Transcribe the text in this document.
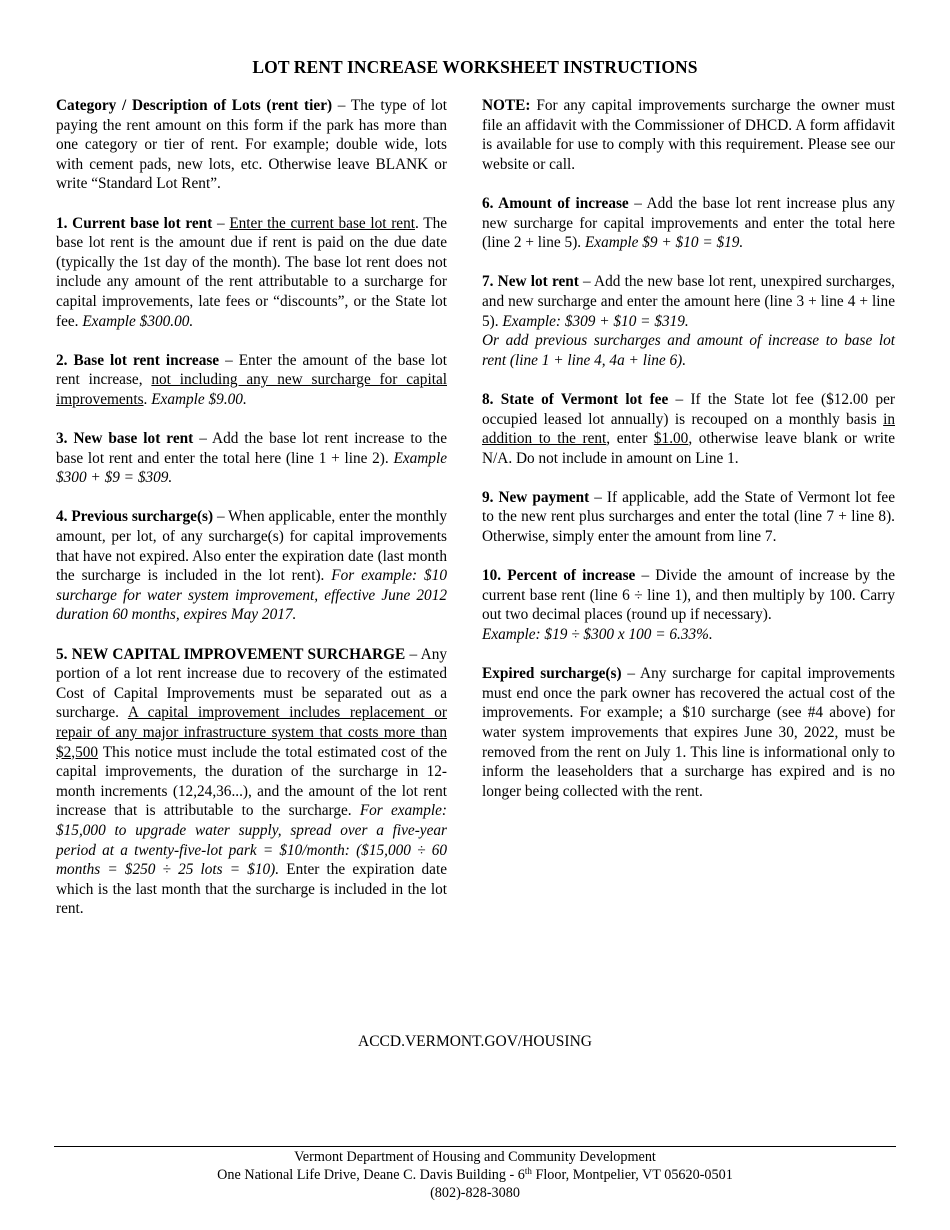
LOT RENT INCREASE WORKSHEET INSTRUCTIONS

Category / Description of Lots (rent tier) – The type of lot paying the rent amount on this form if the park has more than one category or tier of rent. For example; double wide, lots with cement pads, new lots, etc. Otherwise leave BLANK or write “Standard Lot Rent”.

1. Current base lot rent – Enter the current base lot rent. The base lot rent is the amount due if rent is paid on the due date (typically the 1st day of the month). The base lot rent does not include any amount of the rent attributable to a surcharge for capital improvements, late fees or “discounts”, or the State lot fee. Example $300.00.

2. Base lot rent increase – Enter the amount of the base lot rent increase, not including any new surcharge for capital improvements. Example $9.00.

3. New base lot rent – Add the base lot rent increase to the base lot rent and enter the total here (line 1 + line 2). Example $300 + $9 = $309.

4. Previous surcharge(s) – When applicable, enter the monthly amount, per lot, of any surcharge(s) for capital improvements that have not expired. Also enter the expiration date (last month the surcharge is included in the lot rent). For example: $10 surcharge for water system improvement, effective June 2012 duration 60 months, expires May 2017.

5. NEW CAPITAL IMPROVEMENT SURCHARGE – Any portion of a lot rent increase due to recovery of the estimated Cost of Capital Improvements must be separated out as a surcharge. A capital improvement includes replacement or repair of any major infrastructure system that costs more than $2,500 This notice must include the total estimated cost of the capital improvements, the duration of the surcharge in 12-month increments (12,24,36...), and the amount of the lot rent increase that is attributable to the surcharge. For example: $15,000 to upgrade water supply, spread over a five-year period at a twenty-five-lot park = $10/month: ($15,000 ÷ 60 months = $250 ÷ 25 lots = $10). Enter the expiration date which is the last month that the surcharge is included in the lot rent.

NOTE: For any capital improvements surcharge the owner must file an affidavit with the Commissioner of DHCD. A form affidavit is available for use to comply with this requirement. Please see our website or call.

6. Amount of increase – Add the base lot rent increase plus any new surcharge for capital improvements and enter the total here (line 2 + line 5). Example $9 + $10 = $19.

7. New lot rent – Add the new base lot rent, unexpired surcharges, and new surcharge and enter the amount here (line 3 + line 4 + line 5). Example: $309 + $10 = $319.
Or add previous surcharges and amount of increase to base lot rent (line 1 + line 4, 4a + line 6).

8. State of Vermont lot fee – If the State lot fee ($12.00 per occupied leased lot annually) is recouped on a monthly basis in addition to the rent, enter $1.00, otherwise leave blank or write N/A. Do not include in amount on Line 1.

9. New payment – If applicable, add the State of Vermont lot fee to the new rent plus surcharges and enter the total (line 7 + line 8). Otherwise, simply enter the amount from line 7.

10. Percent of increase – Divide the amount of increase by the current base rent (line 6 ÷ line 1), and then multiply by 100. Carry out two decimal places (round up if necessary).
Example: $19 ÷ $300 x 100 = 6.33%.

Expired surcharge(s) – Any surcharge for capital improvements must end once the park owner has recovered the actual cost of the improvements. For example; a $10 surcharge (see #4 above) for water system improvements that expires June 30, 2022, must be removed from the rent on July 1. This line is informational only to inform the leaseholders that a surcharge has expired and is no longer being collected with the rent.

ACCD.VERMONT.GOV/HOUSING
Vermont Department of Housing and Community Development
One National Life Drive, Deane C. Davis Building - 6th Floor, Montpelier, VT 05620-0501
(802)-828-3080
